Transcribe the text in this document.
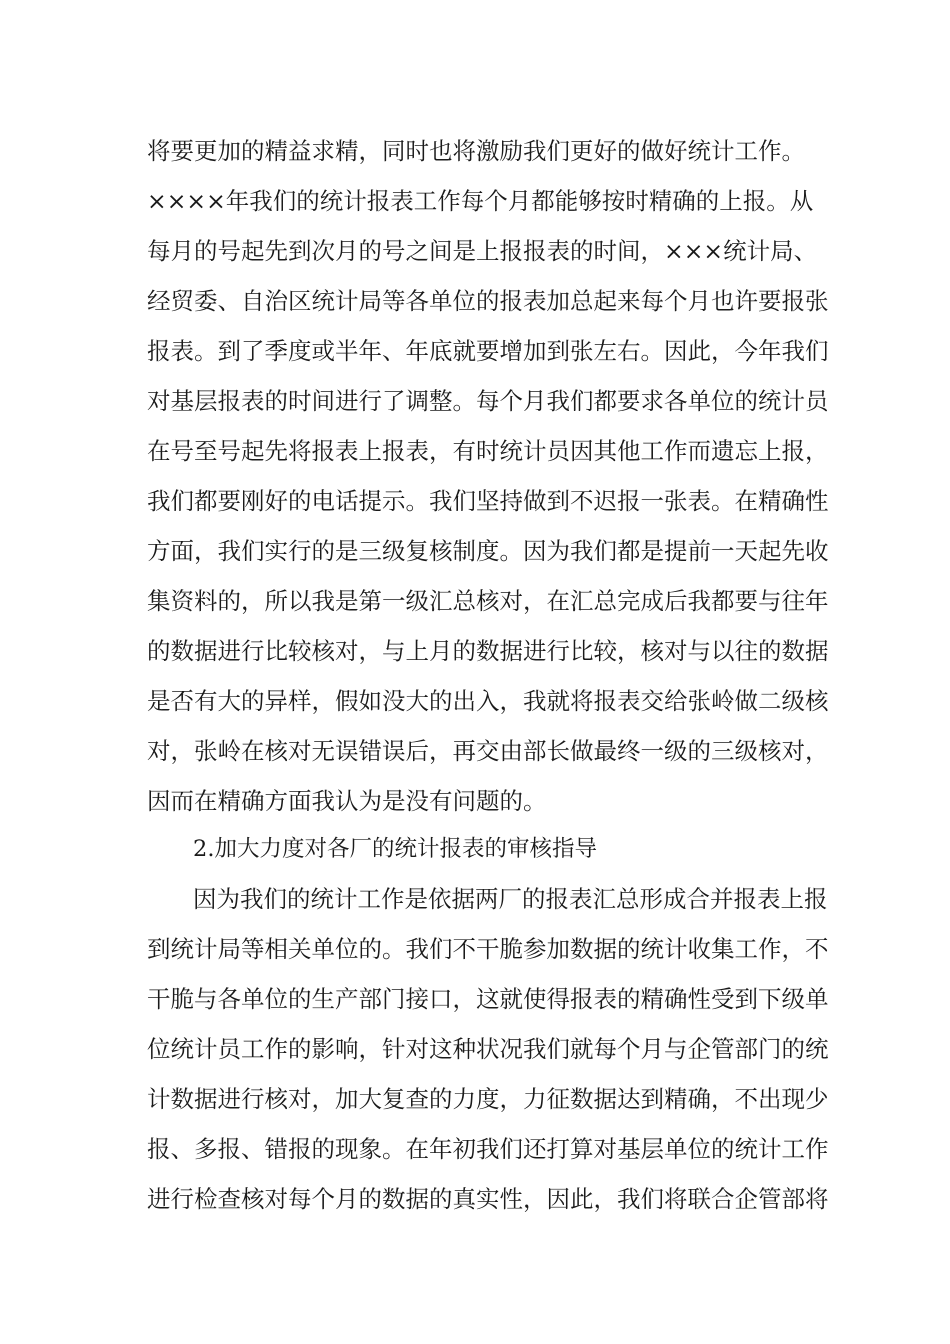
将要更加的精益求精，同时也将激励我们更好的做好统计工作。

××××年我们的统计报表工作每个月都能够按时精确的上报。从

每月的号起先到次月的号之间是上报报表的时间，×××统计局、

经贸委、自治区统计局等各单位的报表加总起来每个月也许要报张

报表。到了季度或半年、年底就要增加到张左右。因此，今年我们

对基层报表的时间进行了调整。每个月我们都要求各单位的统计员

在号至号起先将报表上报表，有时统计员因其他工作而遗忘上报，

我们都要刚好的电话提示。我们坚持做到不迟报一张表。在精确性

方面，我们实行的是三级复核制度。因为我们都是提前一天起先收

集资料的，所以我是第一级汇总核对，在汇总完成后我都要与往年

的数据进行比较核对，与上月的数据进行比较，核对与以往的数据

是否有大的异样，假如没大的出入，我就将报表交给张岭做二级核

对，张岭在核对无误错误后，再交由部长做最终一级的三级核对，

因而在精确方面我认为是没有问题的。

2.加大力度对各厂的统计报表的审核指导

因为我们的统计工作是依据两厂的报表汇总形成合并报表上报

到统计局等相关单位的。我们不干脆参加数据的统计收集工作，不

干脆与各单位的生产部门接口，这就使得报表的精确性受到下级单

位统计员工作的影响，针对这种状况我们就每个月与企管部门的统

计数据进行核对，加大复查的力度，力征数据达到精确，不出现少

报、多报、错报的现象。在年初我们还打算对基层单位的统计工作

进行检查核对每个月的数据的真实性，因此，我们将联合企管部将
